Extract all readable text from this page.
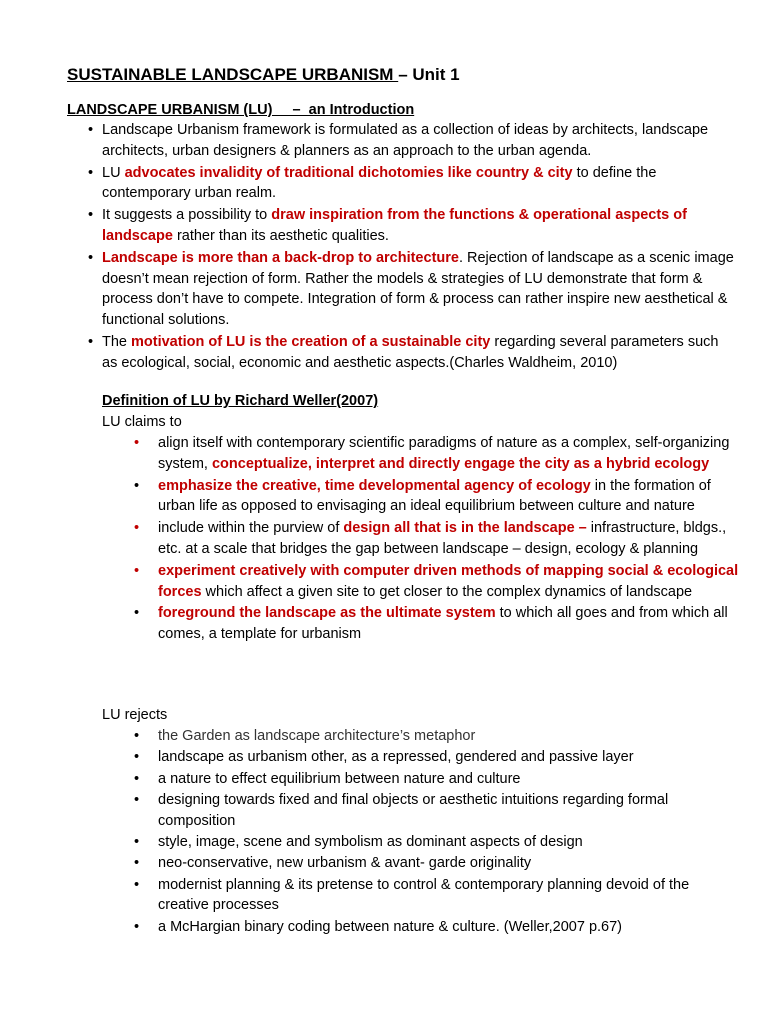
SUSTAINABLE LANDSCAPE URBANISM – Unit 1
LANDSCAPE URBANISM (LU)     –  an Introduction
• Landscape Urbanism framework is formulated as a collection of ideas by architects, landscape architects, urban designers & planners as an approach to the urban agenda.
• LU advocates invalidity of traditional dichotomies like country & city to define the contemporary urban realm.
• It suggests a possibility to draw inspiration from the functions & operational aspects of landscape rather than its aesthetic qualities.
• Landscape is more than a back-drop to architecture. Rejection of landscape as a scenic image doesn’t mean rejection of form. Rather the models & strategies of LU demonstrate that form & process don’t have to compete. Integration of form & process can rather inspire new aesthetical & functional solutions.
• The motivation of LU is the creation of a sustainable city regarding several parameters such as ecological, social, economic and aesthetic aspects.(Charles Waldheim, 2010)
Definition of LU by Richard Weller(2007)
LU claims to
• align itself with contemporary scientific paradigms of nature as a complex, self-organizing system, conceptualize, interpret and directly engage the city as a hybrid ecology
• emphasize the creative, time developmental agency of ecology in the formation of urban life as opposed to envisaging an ideal equilibrium between culture and nature
• include within the purview of design all that is in the landscape – infrastructure, bldgs., etc. at a scale that bridges the gap between landscape – design, ecology & planning
• experiment creatively with computer driven methods of mapping social & ecological forces which affect a given site to get closer to the complex dynamics of landscape
• foreground the landscape as the ultimate system to which all goes and from which all comes, a template for urbanism
LU rejects
• the Garden as landscape architecture’s metaphor
• landscape as urbanism other, as a repressed, gendered and passive layer
• a nature to effect equilibrium between nature and culture
• designing towards fixed and final objects or aesthetic intuitions regarding formal composition
• style, image, scene and symbolism as dominant aspects of design
• neo-conservative, new urbanism & avant- garde originality
• modernist planning & its pretense to control & contemporary planning devoid of the creative processes
• a McHargian binary coding between nature & culture. (Weller,2007 p.67)
